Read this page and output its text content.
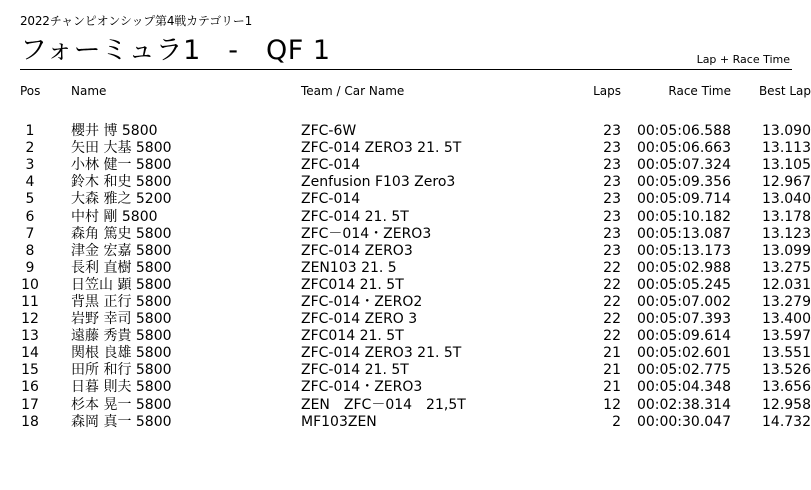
2022チャンピオンシップ第4戦カテゴリー1
フォーミュラ1　-　QF 1	Lap + Race Time
Pos	Name	Team / Car Name	Laps	Race Time	Best Lap

1	櫻井 博 5800	ZFC-6W	23	00:05:06.588	13.090
2	矢田 大基 5800	ZFC-014 ZERO3 21. 5T	23	00:05:06.663	13.113
3	小林 健一 5800	ZFC-014	23	00:05:07.324	13.105
4	鈴木 和史 5800	Zenfusion F103 Zero3	23	00:05:09.356	12.967
5	大森 雅之 5200	ZFC-014	23	00:05:09.714	13.040
6	中村 剛 5800	ZFC-014 21. 5T	23	00:05:10.182	13.178
7	森角 篤史 5800	ZFC－014・ZERO3	23	00:05:13.087	13.123
8	津金 宏嘉 5800	ZFC-014 ZERO3	23	00:05:13.173	13.099
9	長利 直樹 5800	ZEN103 21. 5	22	00:05:02.988	13.275
10	日笠山 顕 5800	ZFC014 21. 5T	22	00:05:05.245	12.031
11	背黒 正行 5800	ZFC-014・ZERO2	22	00:05:07.002	13.279
12	岩野 幸司 5800	ZFC-014 ZERO 3	22	00:05:07.393	13.400
13	遠藤 秀貴 5800	ZFC014 21. 5T	22	00:05:09.614	13.597
14	関根 良雄 5800	ZFC-014 ZERO3 21. 5T	21	00:05:02.601	13.551
15	田所 和行 5800	ZFC-014 21. 5T	21	00:05:02.775	13.526
16	日暮 則夫 5800	ZFC-014・ZERO3	21	00:05:04.348	13.656
17	杉本 晃一 5800	ZEN　ZFC－014　21,5T	12	00:02:38.314	12.958
18	森岡 真一 5800	MF103ZEN	2	00:00:30.047	14.732
